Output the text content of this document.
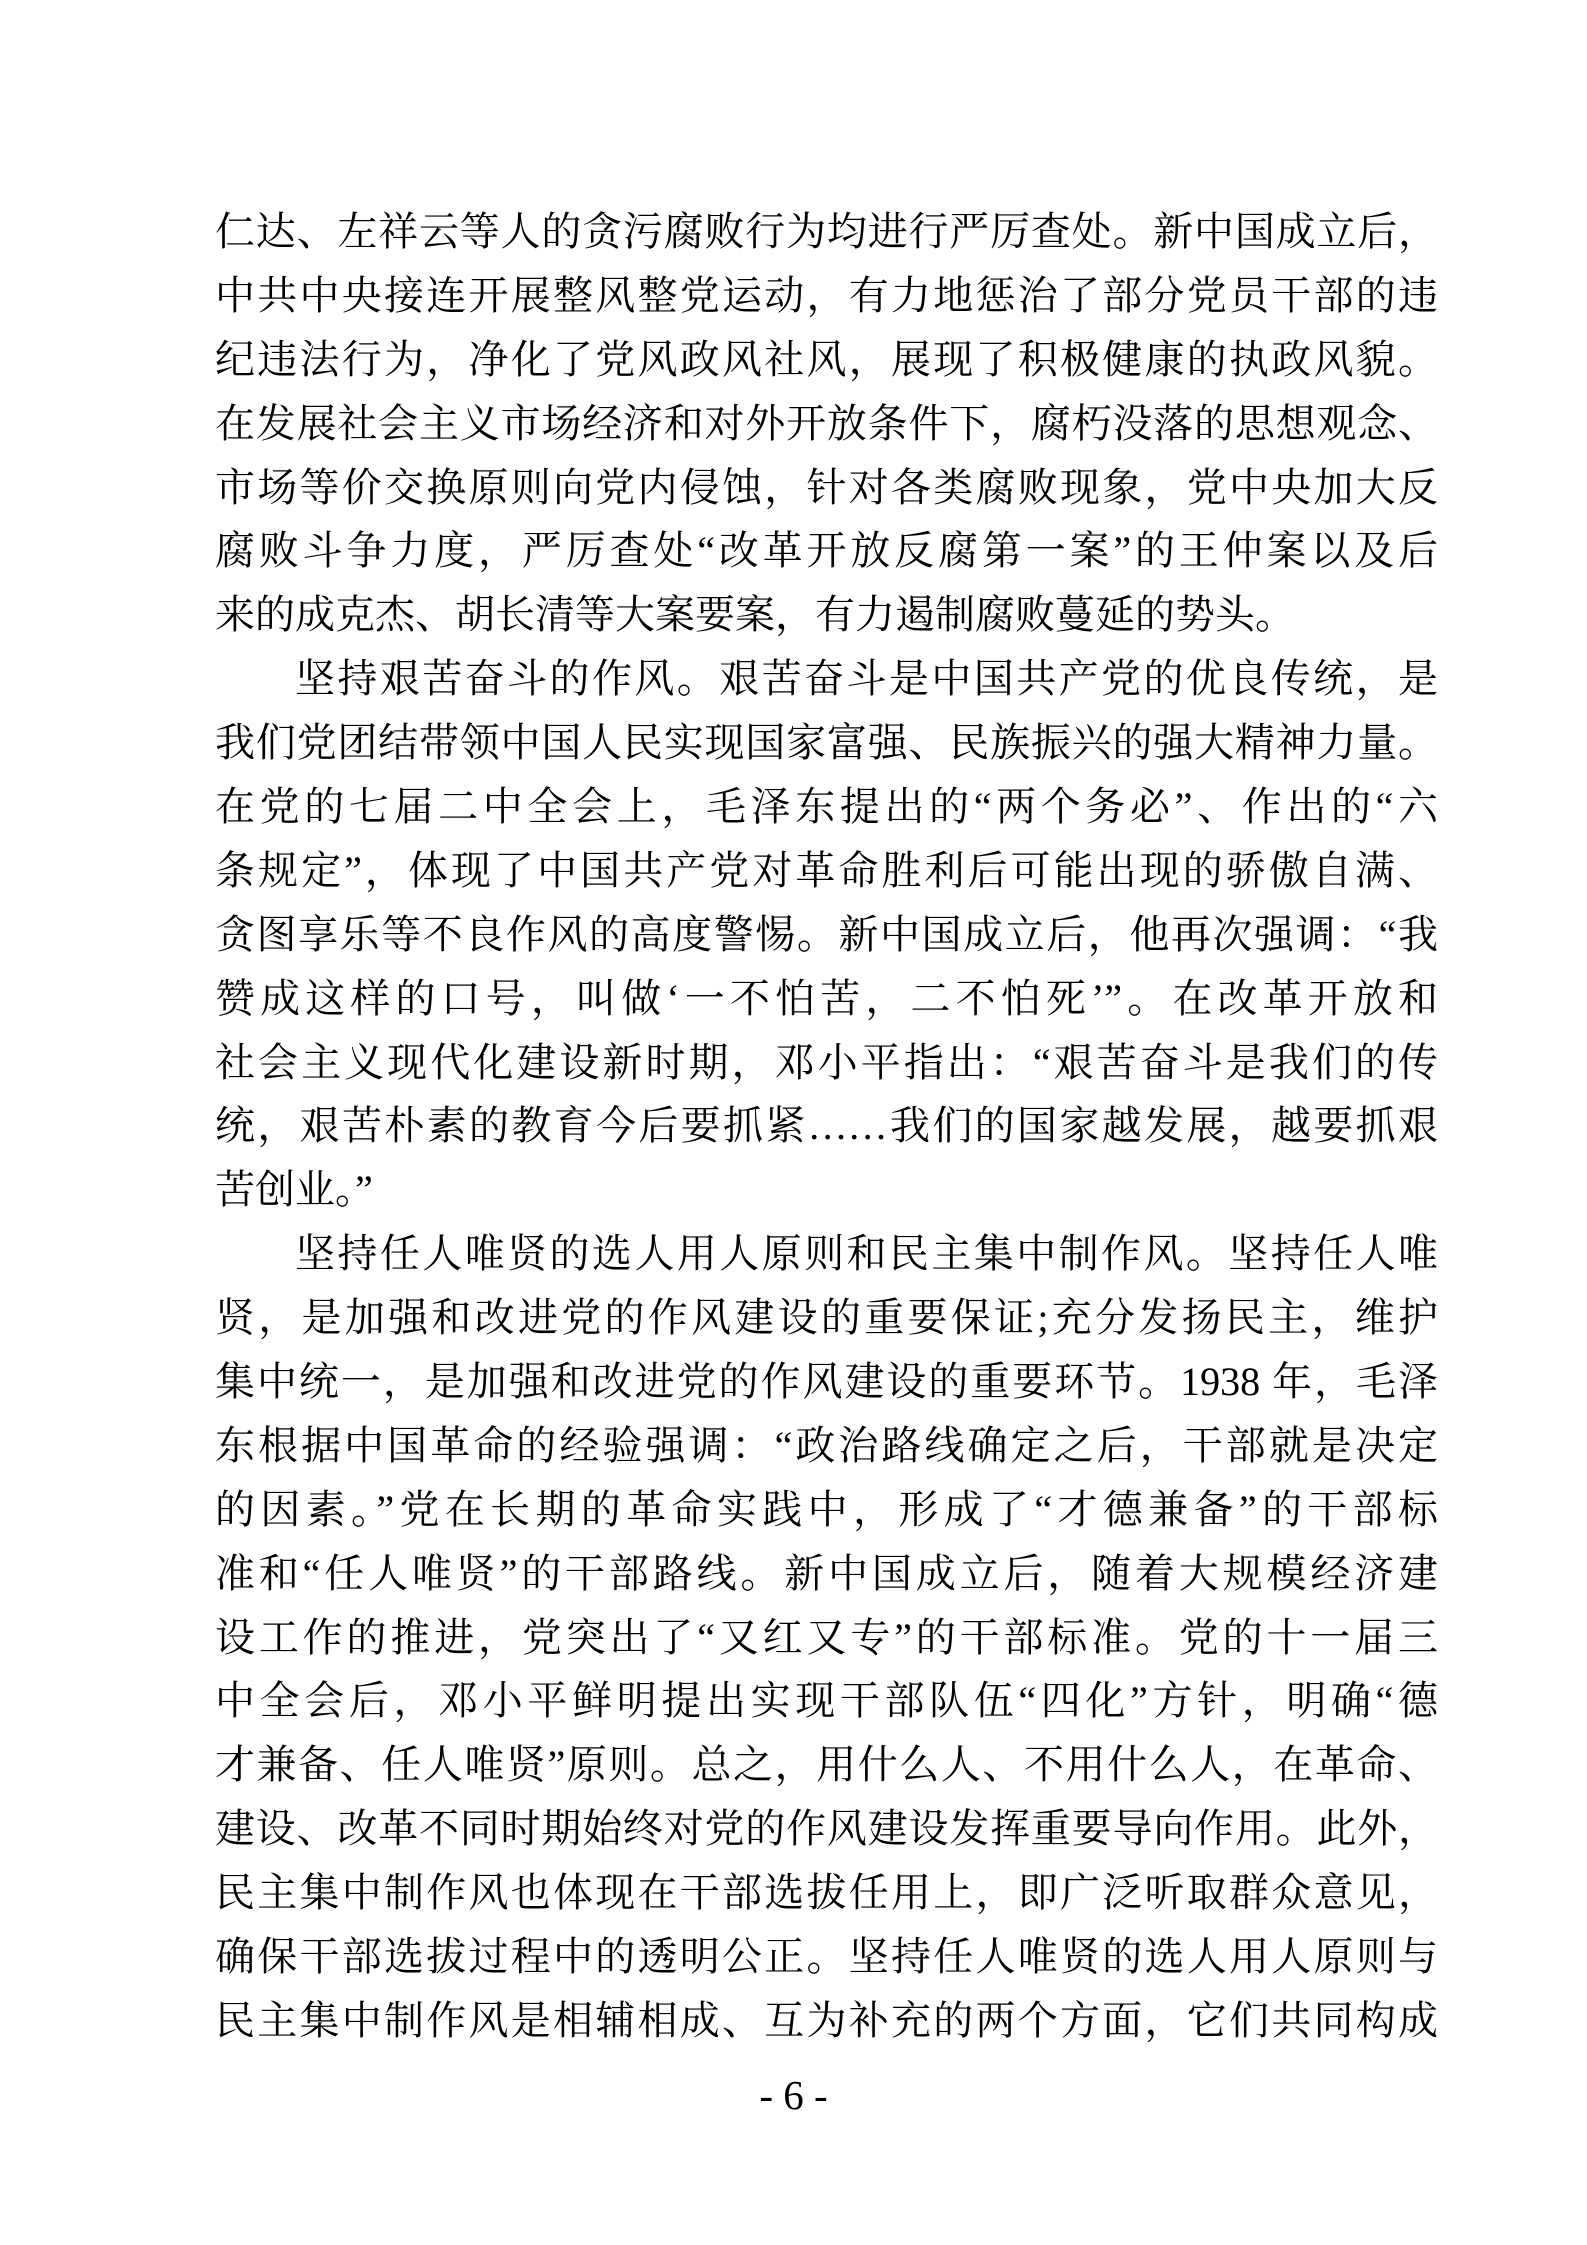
仁达、左祥云等人的贪污腐败行为均进行严厉查处。新中国成立后，
中共中央接连开展整风整党运动，有力地惩治了部分党员干部的违
纪违法行为，净化了党风政风社风，展现了积极健康的执政风貌。
在发展社会主义市场经济和对外开放条件下，腐朽没落的思想观念、
市场等价交换原则向党内侵蚀，针对各类腐败现象，党中央加大反
腐败斗争力度，严厉查处“改革开放反腐第一案”的王仲案以及后
来的成克杰、胡长清等大案要案，有力遏制腐败蔓延的势头。
坚持艰苦奋斗的作风。艰苦奋斗是中国共产党的优良传统，是
我们党团结带领中国人民实现国家富强、民族振兴的强大精神力量。
在党的七届二中全会上，毛泽东提出的“两个务必”、作出的“六
条规定”，体现了中国共产党对革命胜利后可能出现的骄傲自满、
贪图享乐等不良作风的高度警惕。新中国成立后，他再次强调：“我
赞成这样的口号，叫做‘一不怕苦，二不怕死’”。在改革开放和
社会主义现代化建设新时期，邓小平指出：“艰苦奋斗是我们的传
统，艰苦朴素的教育今后要抓紧……我们的国家越发展，越要抓艰
苦创业。”
坚持任人唯贤的选人用人原则和民主集中制作风。坚持任人唯
贤，是加强和改进党的作风建设的重要保证;充分发扬民主，维护
集中统一，是加强和改进党的作风建设的重要环节。1938 年，毛泽
东根据中国革命的经验强调：“政治路线确定之后，干部就是决定
的因素。”党在长期的革命实践中，形成了“才德兼备”的干部标
准和“任人唯贤”的干部路线。新中国成立后，随着大规模经济建
设工作的推进，党突出了“又红又专”的干部标准。党的十一届三
中全会后，邓小平鲜明提出实现干部队伍“四化”方针，明确“德
才兼备、任人唯贤”原则。总之，用什么人、不用什么人，在革命、
建设、改革不同时期始终对党的作风建设发挥重要导向作用。此外，
民主集中制作风也体现在干部选拔任用上，即广泛听取群众意见，
确保干部选拔过程中的透明公正。坚持任人唯贤的选人用人原则与
民主集中制作风是相辅相成、互为补充的两个方面，它们共同构成
- 6 -
